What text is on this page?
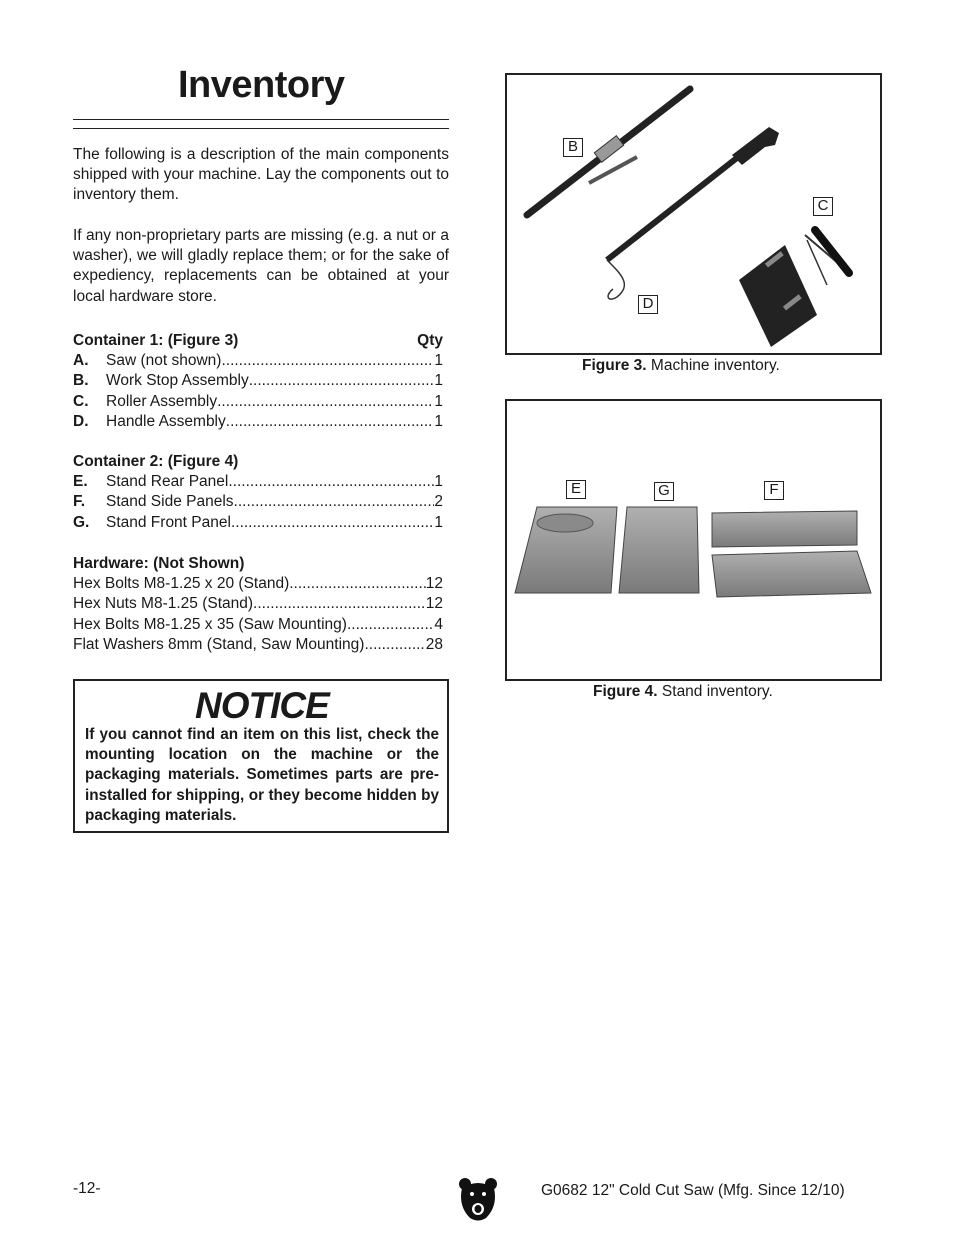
Inventory
The following is a description of the main components shipped with your machine. Lay the components out to inventory them.
If any non-proprietary parts are missing (e.g. a nut or a washer), we will gladly replace them; or for the sake of expediency, replacements can be obtained at your local hardware store.
Container 1: (Figure 3)	Qty
A.	Saw (not shown) .....	1
B.	Work Stop Assembly .....	1
C.	Roller Assembly .....	1
D.	Handle Assembly .....	1
Container 2: (Figure 4)
E.	Stand Rear Panel .....	1
F.	Stand Side Panels .....	2
G.	Stand Front Panel .....	1
Hardware: (Not Shown)
Hex Bolts M8-1.25 x 20 (Stand) .....	12
Hex Nuts M8-1.25 (Stand) .....	12
Hex Bolts M8-1.25 x 35 (Saw Mounting) .....	4
Flat Washers 8mm (Stand, Saw Mounting) .....	28
NOTICE
If you cannot find an item on this list, check the mounting location on the machine or the packaging materials. Sometimes parts are pre-installed for shipping, or they become hidden by packaging materials.
B
C
D
Figure 3. Machine inventory.
E	G	F
Figure 4. Stand inventory.
-12-	G0682 12" Cold Cut Saw (Mfg. Since 12/10)
